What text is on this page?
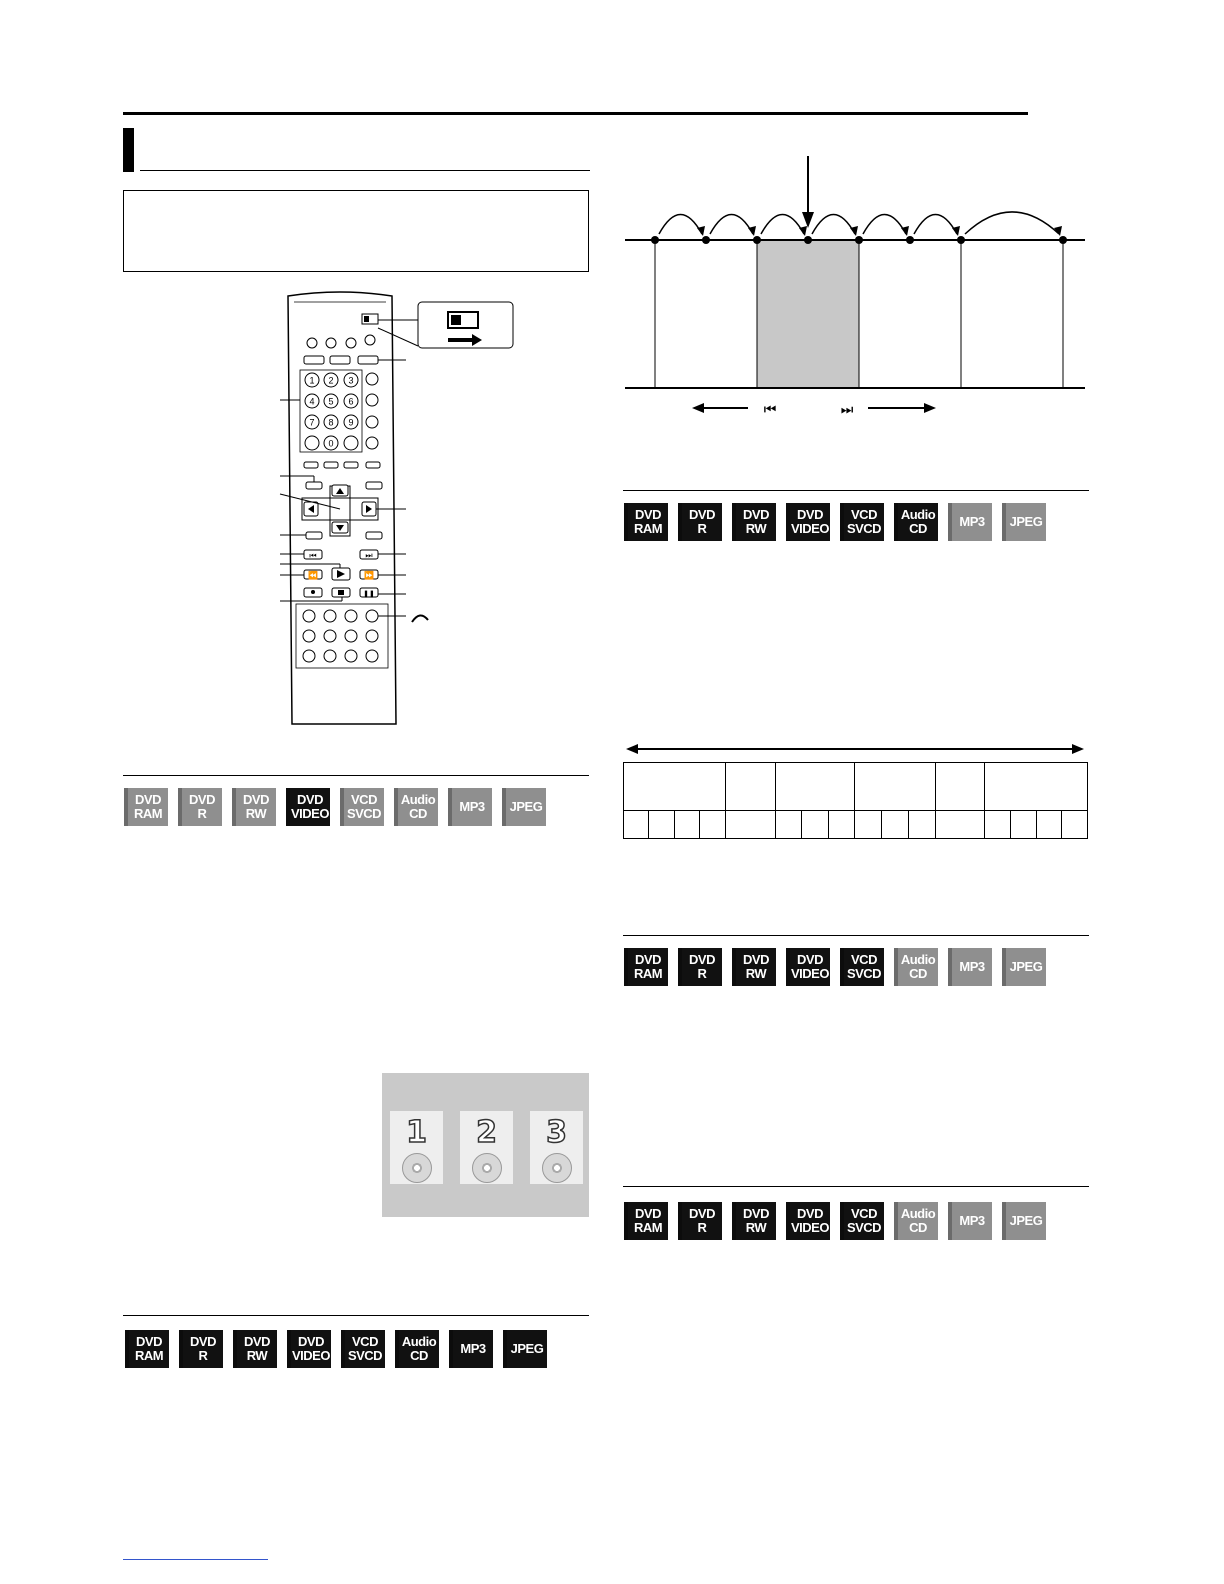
1 2 3
4 5 6
7 8 9
0
⏮	⏭
⏪	⏩
❚❚
DVD
RAM
DVD
R
DVD
RW
DVD
VIDEO
VCD
SVCD
Audio
CD MP3 JPEG
1 2 3
DVD
RAM
DVD
R
DVD
RW
DVD
VIDEO
VCD
SVCD
Audio
CD MP3 JPEG
⏮	⏭
DVD
RAM
DVD
R
DVD
RW
DVD
VIDEO
VCD
SVCD
Audio
CD MP3 JPEG

DVD
RAM
DVD
R
DVD
RW
DVD
VIDEO
VCD
SVCD
Audio
CD MP3 JPEG
DVD
RAM
DVD
R
DVD
RW
DVD
VIDEO
VCD
SVCD
Audio
CD MP3 JPEG
